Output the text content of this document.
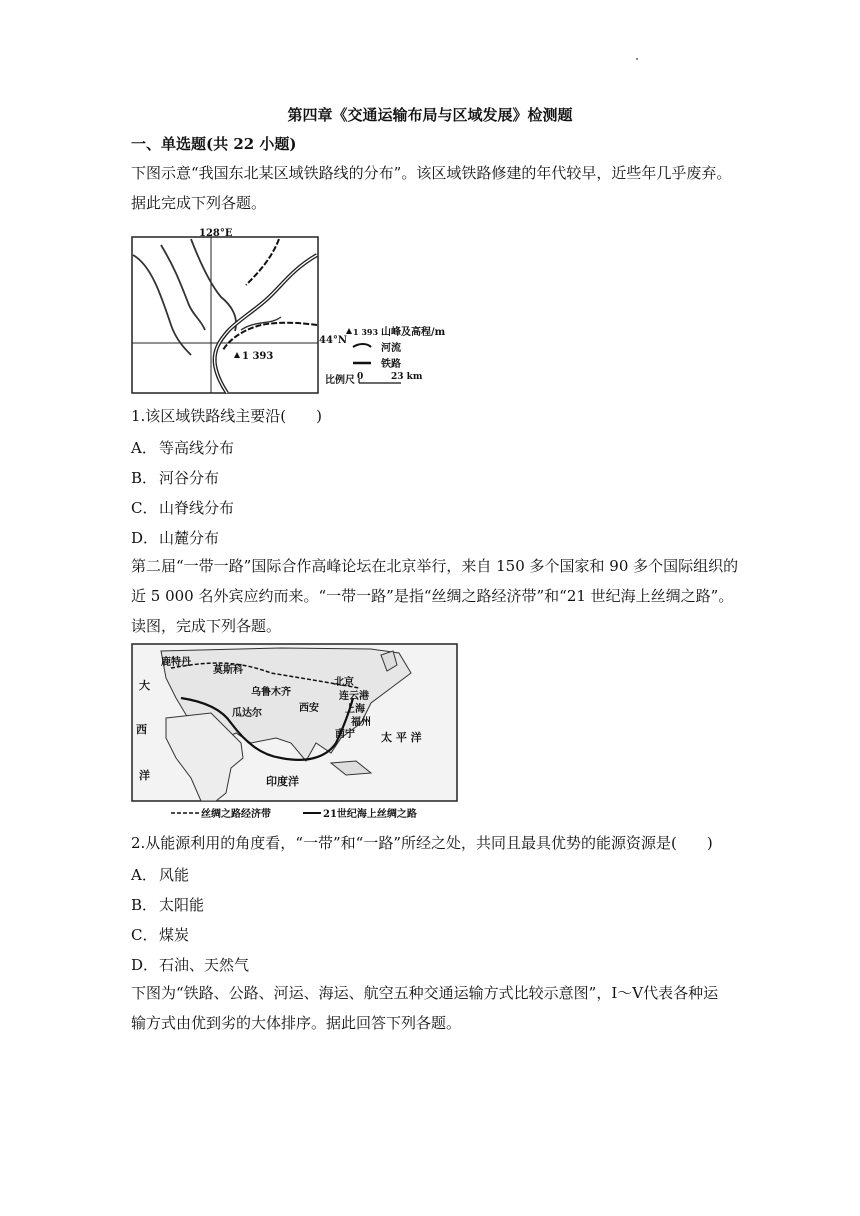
第四章《交通运输布局与区域发展》检测题
一、单选题(共 22 小题)
下图示意“我国东北某区域铁路线的分布”。该区域铁路修建的年代较早，近些年几乎废弃。
据此完成下列各题。
1 393
128°E
44°N
1 393 山峰及高程/m
河流
铁路
比例尺 0	23 km
1.该区域铁路线主要沿(　　)
A． 等高线分布
B． 河谷分布
C． 山脊线分布
D．山麓分布
第二届“一带一路”国际合作高峰论坛在北京举行，来自 150 多个国家和 90 多个国际组织的
近 5 000 名外宾应约而来。“一带一路”是指“丝绸之路经济带”和“21 世纪海上丝绸之路”。
读图，完成下列各题。
鹿特丹
莫斯科
乌鲁木齐
瓜达尔	西安
北京
连云港
上海
福州
南宁
大
西
洋
太 平 洋
印度洋
丝绸之路经济带	21世纪海上丝绸之路
2.从能源利用的角度看，“一带”和“一路”所经之处，共同且最具优势的能源资源是(　　)
A． 风能
B． 太阳能
C． 煤炭
D．石油、天然气
下图为“铁路、公路、河运、海运、航空五种交通运输方式比较示意图”，Ⅰ～Ⅴ代表各种运
输方式由优到劣的大体排序。据此回答下列各题。
